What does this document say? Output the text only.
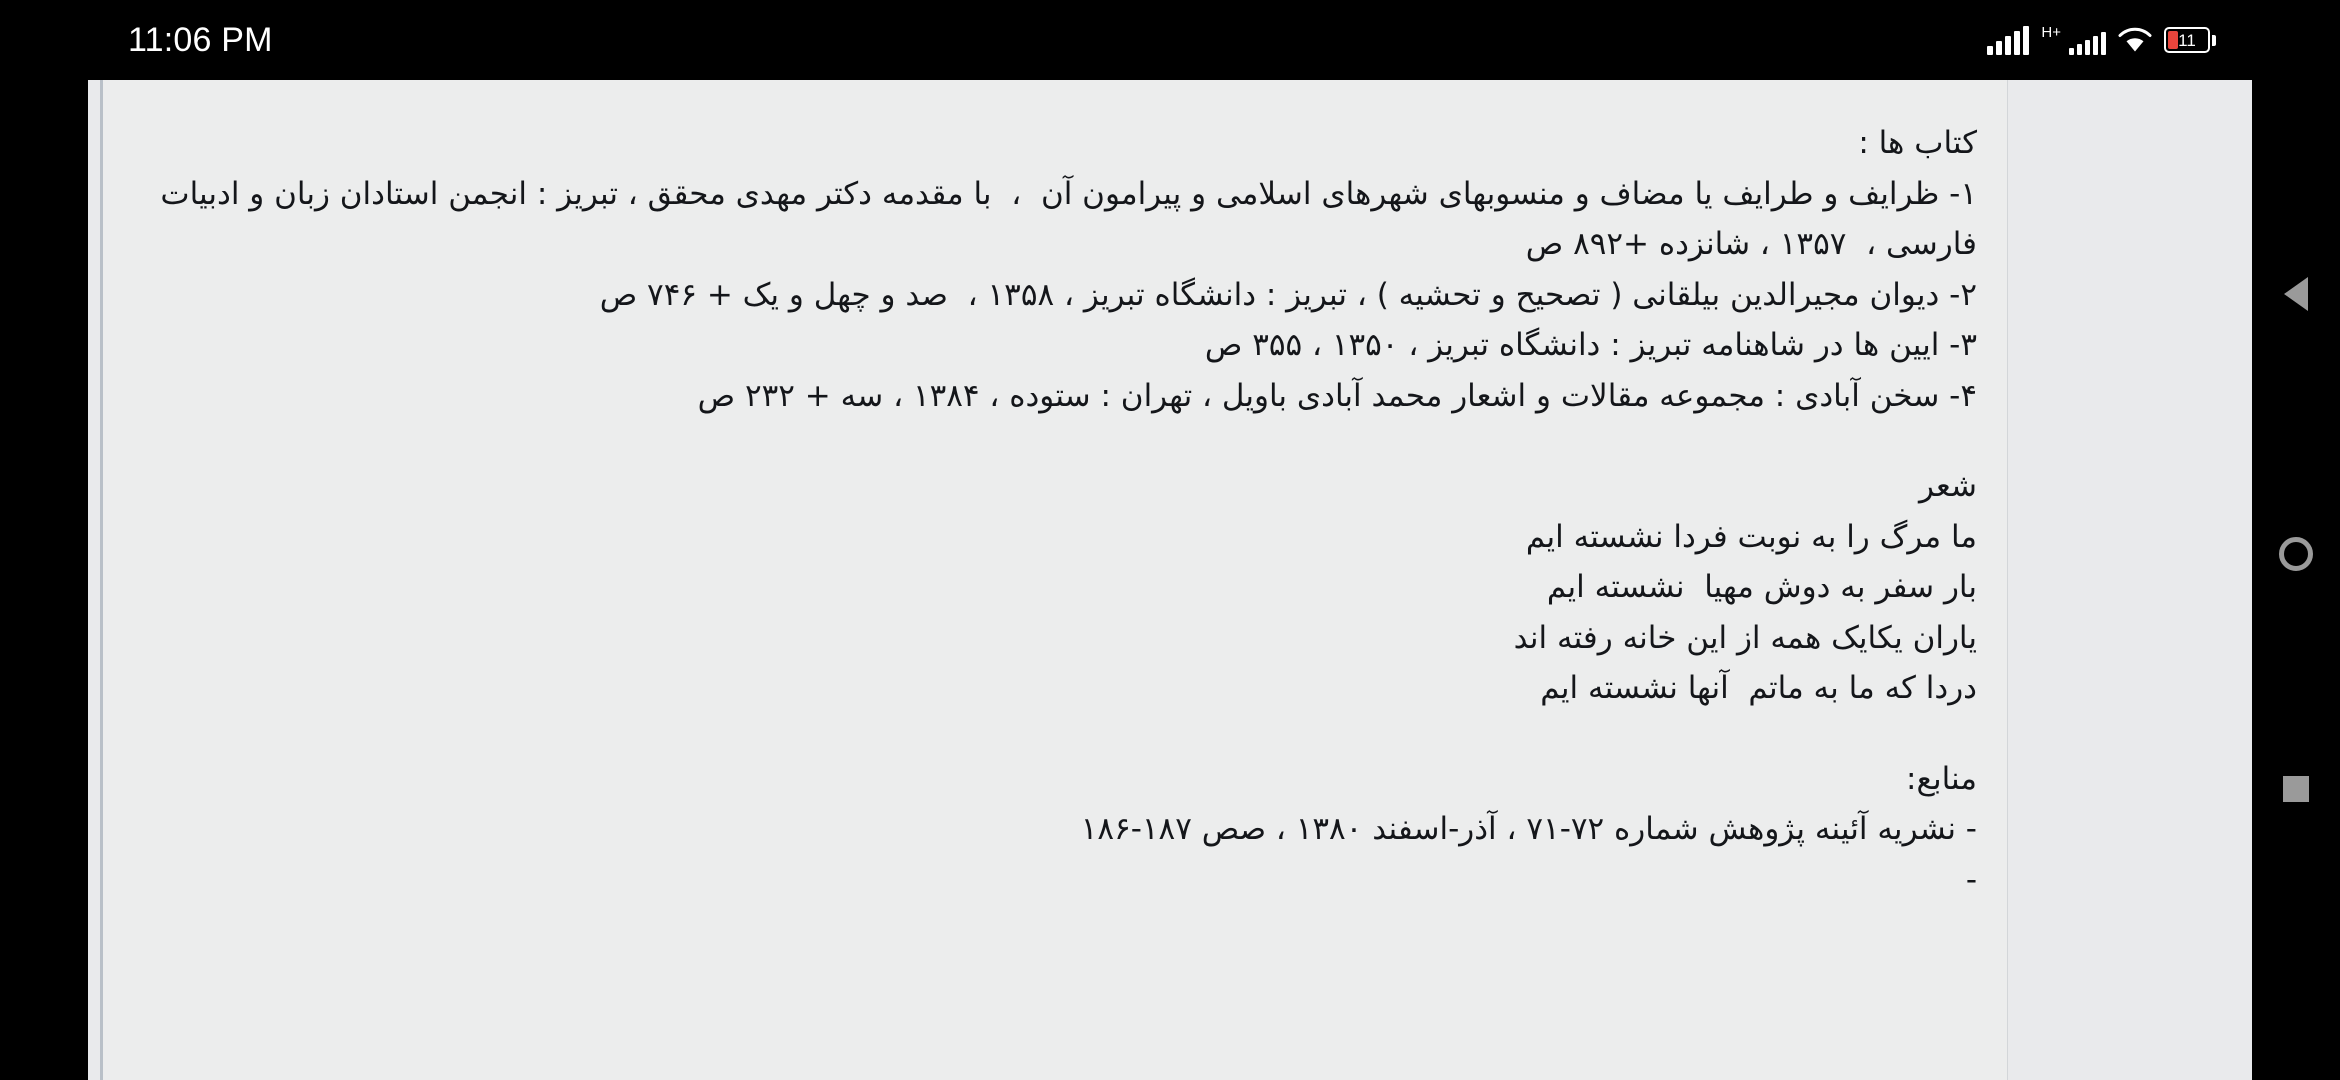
11:06 PM	H+	11
کتاب ها :
۱- ظرایف و طرایف یا مضاف و منسوبهای شهرهای اسلامی و پیرامون آن  ،  با مقدمه دکتر مهدی محقق ، تبریز : انجمن استادان زبان و ادبیات فارسی ،  ۱۳۵۷ ، شانزده +۸۹۲ ص
۲- دیوان مجیرالدین بیلقانی ( تصحیح و تحشیه ) ، تبریز : دانشگاه تبریز ، ۱۳۵۸ ،  صد و چهل و یک + ۷۴۶ ص
۳- ایین ها در شاهنامه تبریز : دانشگاه تبریز ، ۱۳۵۰ ، ۳۵۵ ص
۴- سخن آبادی : مجموعه مقالات و اشعار محمد آبادی باویل ، تهران : ستوده ، ۱۳۸۴ ، سه + ۲۳۲ ص
شعر
ما مرگ را به نوبت فردا نشسته ایم
بار سفر به دوش مهیا  نشسته ایم
یاران یکایک همه از این خانه رفته اند
دردا که ما به ماتم  آنها نشسته ایم
منابع:
- نشریه آئینه پژوهش شماره ۷۲-۷۱ ، آذر-اسفند ۱۳۸۰ ، صص ۱۸۷-۱۸۶
-
